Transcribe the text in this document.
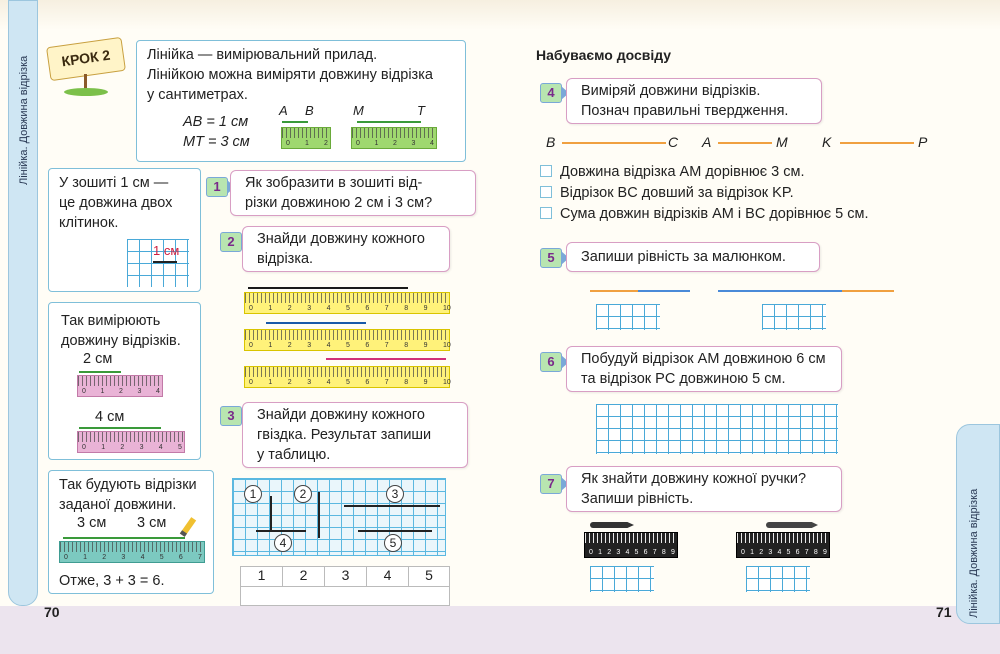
Лінійка. Довжина відрізка
Лінійка. Довжина відрізка
КРОК 2	Лінійка — вимірювальний прилад.
Лінійкою можна виміряти довжину відрізка
у сантиметрах.
AB = 1 см
MT = 3 см
A B	M	T
0 1 2	0 1 2 3 4
У зошиті 1 см —
це довжина двох
клітинок.
1 см
Так вимірюють
довжину відрізків.
2 см
0 1 2 3 4
4 см
0 1 2 3 4 5
Так будують відрізки
заданої довжини.
3 см 3 см
0 1 2 3 4 5 6 7
Отже, 3 + 3 = 6.
1	Як зобразити в зошиті від-
різки довжиною 2 см і 3 см?
2	Знайди довжину кожного
відрізка.
0 1 2 3 4 5 6 7 8 9 10
0 1 2 3 4 5 6 7 8 9 10
0 1 2 3 4 5 6 7 8 9 10
3	Знайди довжину кожного
гвіздка. Результат запиши
у таблицю.
1	2	3
4	5
1	2	3	4	5
70	71
Набуваємо досвіду
4	Виміряй довжини відрізків.
Познач правильні твердження.
B	C A	M K	P
Довжина відрізка AM дорівнює 3 см.
Відрізок BC довший за відрізок KP.
Сума довжин відрізків AM і BC дорівнює 5 см.
5	Запиши рівність за малюнком.
6	Побудуй відрізок AM довжиною 6 см
та відрізок PC довжиною 5 см.
7	Як знайти довжину кожної ручки?
Запиши рівність.
0 1 2 3 4 5 6 7 8 9	0 1 2 3 4 5 6 7 8 9
